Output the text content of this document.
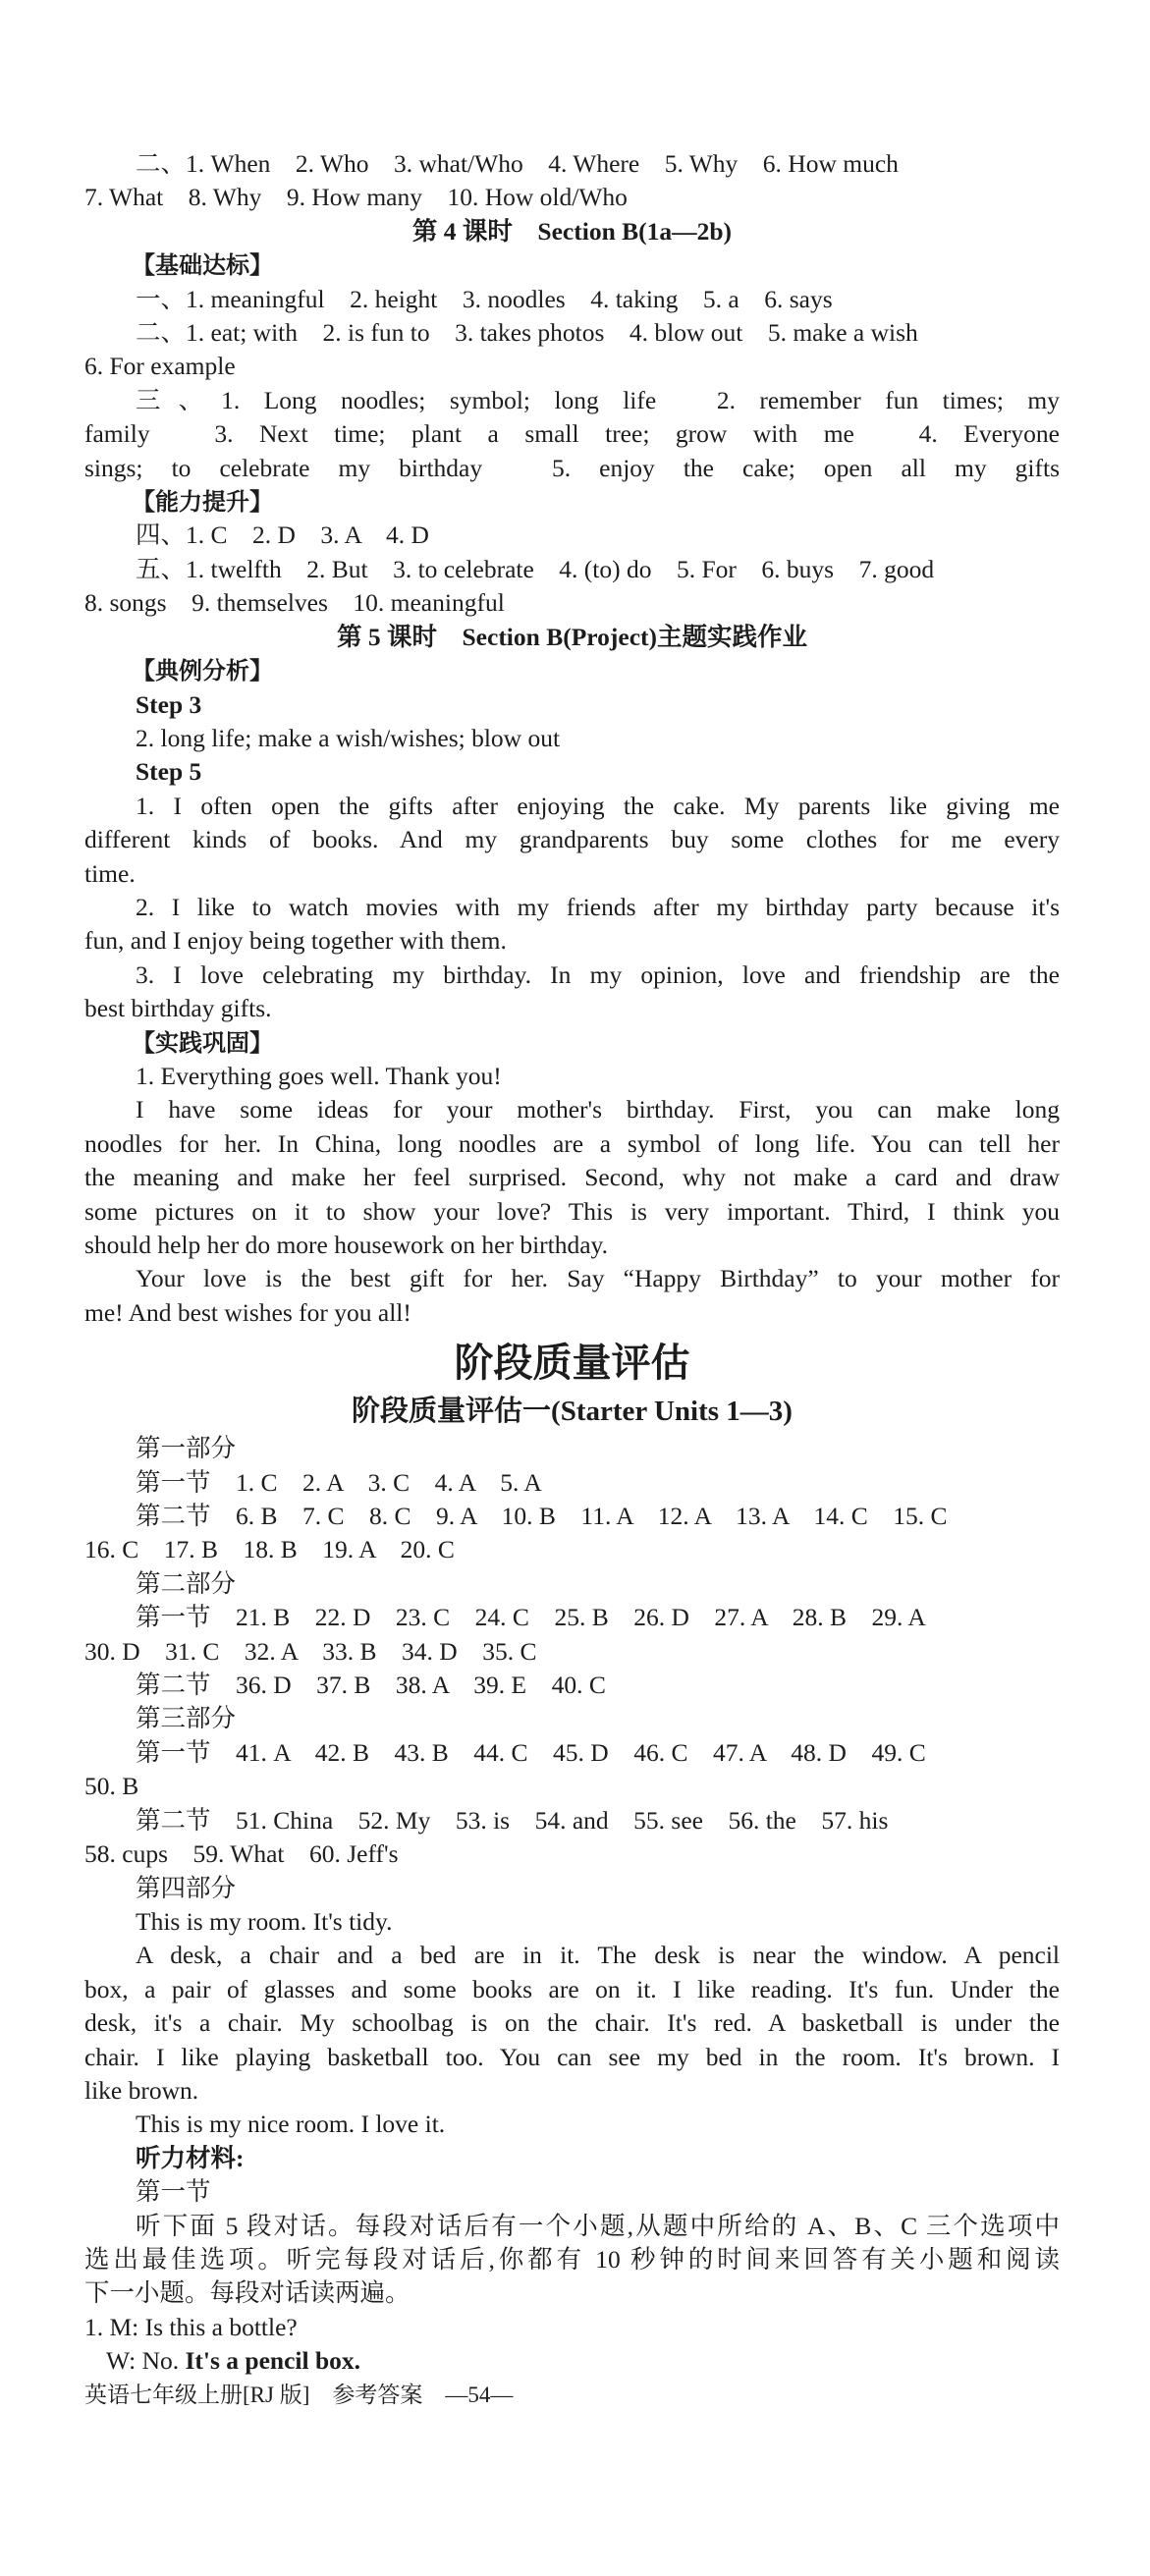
二、1. When　2. Who　3. what/Who　4. Where　5. Why　6. How much
7. What　8. Why　9. How many　10. How old/Who
第 4 课时　Section B(1a—2b)
【基础达标】
一、1. meaningful　2. height　3. noodles　4. taking　5. a　6. says
二、1. eat; with　2. is fun to　3. takes photos　4. blow out　5. make a wish
6. For example
三、1. Long noodles; symbol; long life　2. remember fun times; my
family　3. Next time; plant a small tree; grow with me　4. Everyone
sings; to celebrate my birthday　5. enjoy the cake; open all my gifts
【能力提升】
四、1. C　2. D　3. A　4. D
五、1. twelfth　2. But　3. to celebrate　4. (to) do　5. For　6. buys　7. good
8. songs　9. themselves　10. meaningful
第 5 课时　Section B(Project)主题实践作业
【典例分析】
Step 3
2. long life; make a wish/wishes; blow out
Step 5
1. I often open the gifts after enjoying the cake. My parents like giving me
different kinds of books. And my grandparents buy some clothes for me every
time.
2. I like to watch movies with my friends after my birthday party because it's
fun, and I enjoy being together with them.
3. I love celebrating my birthday. In my opinion, love and friendship are the
best birthday gifts.
【实践巩固】
1. Everything goes well. Thank you!
I have some ideas for your mother's birthday. First, you can make long
noodles for her. In China, long noodles are a symbol of long life. You can tell her
the meaning and make her feel surprised. Second, why not make a card and draw
some pictures on it to show your love? This is very important. Third, I think you
should help her do more housework on her birthday.
Your love is the best gift for her. Say “Happy Birthday” to your mother for
me! And best wishes for you all!
阶段质量评估
阶段质量评估一(Starter Units 1—3)
第一部分
第一节　1. C　2. A　3. C　4. A　5. A
第二节　6. B　7. C　8. C　9. A　10. B　11. A　12. A　13. A　14. C　15. C
16. C　17. B　18. B　19. A　20. C
第二部分
第一节　21. B　22. D　23. C　24. C　25. B　26. D　27. A　28. B　29. A
30. D　31. C　32. A　33. B　34. D　35. C
第二节　36. D　37. B　38. A　39. E　40. C
第三部分
第一节　41. A　42. B　43. B　44. C　45. D　46. C　47. A　48. D　49. C
50. B
第二节　51. China　52. My　53. is　54. and　55. see　56. the　57. his
58. cups　59. What　60. Jeff's
第四部分
This is my room. It's tidy.
A desk, a chair and a bed are in it. The desk is near the window. A pencil
box, a pair of glasses and some books are on it. I like reading. It's fun. Under the
desk, it's a chair. My schoolbag is on the chair. It's red. A basketball is under the
chair. I like playing basketball too. You can see my bed in the room. It's brown. I
like brown.
This is my nice room. I love it.
听力材料:
第一节
听下面 5 段对话。每段对话后有一个小题,从题中所给的 A、B、C 三个选项中
选出最佳选项。听完每段对话后,你都有 10 秒钟的时间来回答有关小题和阅读
下一小题。每段对话读两遍。
1. M: Is this a bottle?
W: No. It's a pencil box.
英语七年级上册[RJ 版]　参考答案　—54—
